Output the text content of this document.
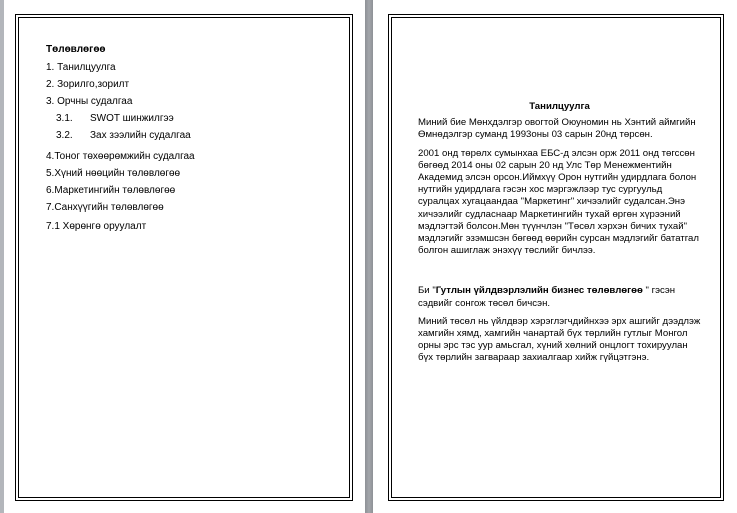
Төлөвлөгөө
1. Танилцуулга
2. Зорилго,зорилт
3. Орчны судалгаа
3.1. SWOT шинжилгээ
3.2. Зах зээлийн судалгаа
4.Тоног төхөөрөмжийн судалгаа
5.Хүний нөөцийн төлөвлөгөө
6.Маркетингийн төлөвлөгөө
7.Санхүүгийн төлөвлөгөө
7.1 Хөрөнгө оруулалт
Танилцуулга

Миний бие Мөнхдэлгэр овогтой Оюуномин нь Хэнтий аймгийн Өмнөдэлгэр суманд 1993оны 03 сарын 20нд төрсөн.

2001 онд төрөлх сумынхаа ЕБС-д элсэн орж 2011 онд төгссөн бөгөөд 2014 оны 02 сарын 20 нд Улс Төр Менежментийн Академид элсэн орсон.Иймхүү Орон нутгийн удирдлага болон нутгийн удирдлага гэсэн хос мэргэжлээр тус сургуульд суралцах хугацаандаа "Маркетинг" хичээлийг судалсан.Энэ хичээлийг судласнаар Маркетингийн тухай өргөн хүрээний мэдлэгтэй болсон.Мөн түүнчлэн "Төсөл хэрхэн бичих тухай" мэдлэгийг эзэмшсэн бөгөөд өөрийн сурсан мэдлэгийг бататгал болгон ашиглаж энэхүү төслийг бичлээ.

Би "Гутлын үйлдвэрлэлийн бизнес төлөвлөгөө " гэсэн сэдвийг сонгож төсөл бичсэн.

Миний төсөл нь үйлдвэр хэрэглэгчдийнхээ эрх ашгийг дээдлэж хамгийн хямд, хамгийн чанартай бүх төрлийн гутлыг Монгол орны эрс тэс уур амьсгал, хүний хөлний онцлогт тохируулан бүх төрлийн загвараар захиалгаар хийж гүйцэтгэнэ.
